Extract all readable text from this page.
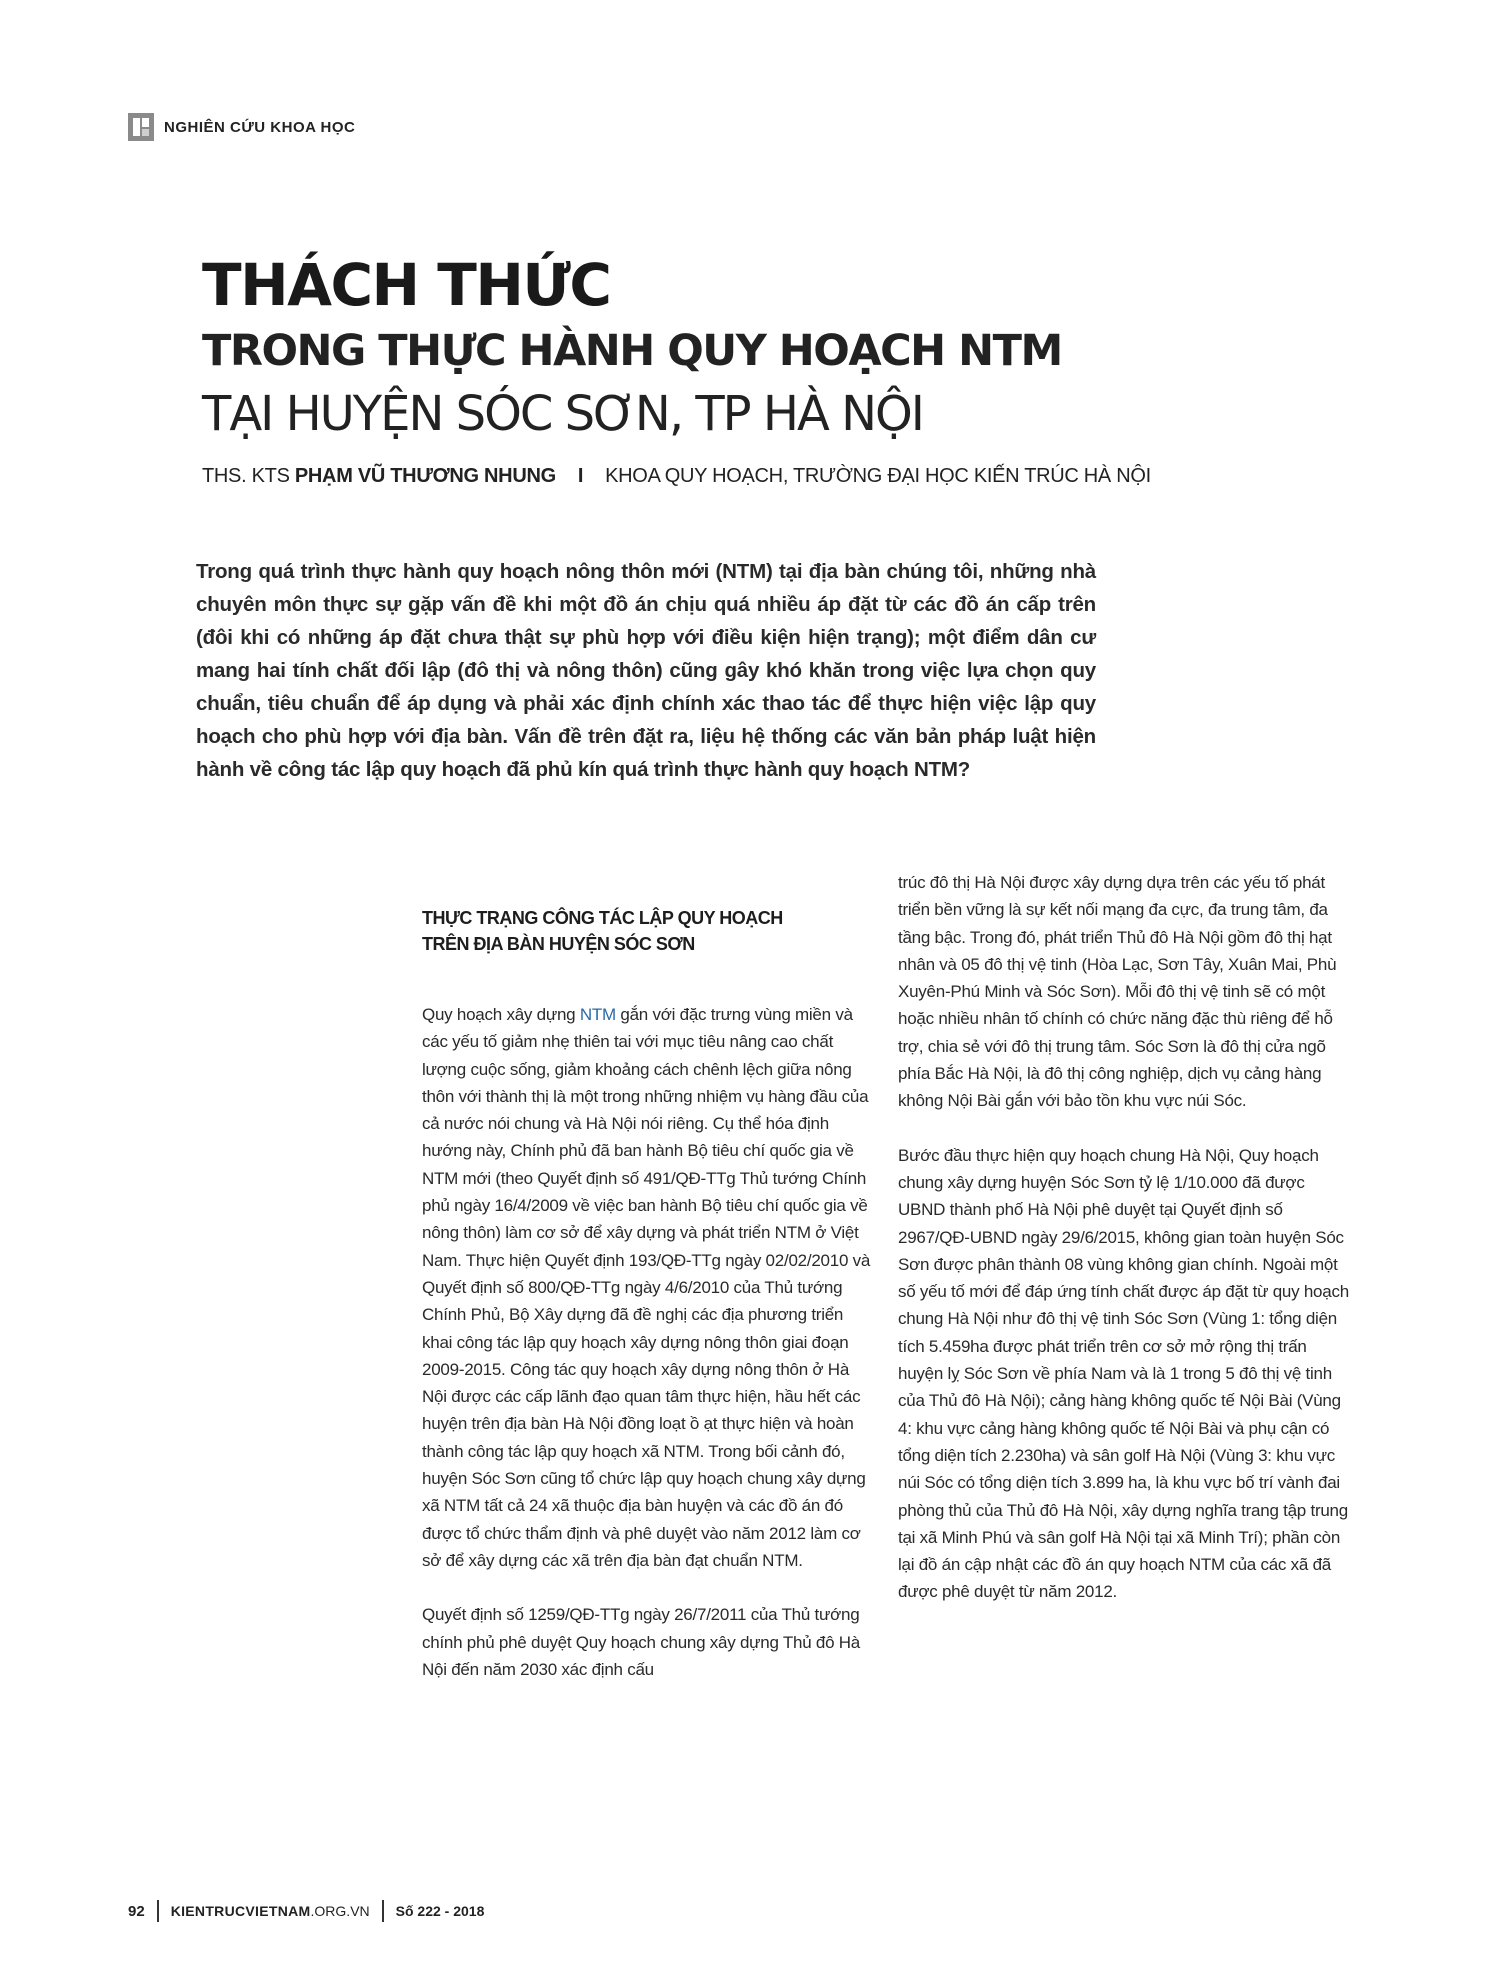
NGHIÊN CỨU KHOA HỌC
THÁCH THỨC
TRONG THỰC HÀNH QUY HOẠCH NTM
TẠI HUYỆN SÓC SƠN, TP HÀ NỘI
THS. KTS PHẠM VŨ THƯƠNG NHUNG I KHOA QUY HOẠCH, TRƯỜNG ĐẠI HỌC KIẾN TRÚC HÀ NỘI
Trong quá trình thực hành quy hoạch nông thôn mới (NTM) tại địa bàn chúng tôi, những nhà chuyên môn thực sự gặp vấn đề khi một đồ án chịu quá nhiều áp đặt từ các đồ án cấp trên (đôi khi có những áp đặt chưa thật sự phù hợp với điều kiện hiện trạng); một điểm dân cư mang hai tính chất đối lập (đô thị và nông thôn) cũng gây khó khăn trong việc lựa chọn quy chuẩn, tiêu chuẩn để áp dụng và phải xác định chính xác thao tác để thực hiện việc lập quy hoạch cho phù hợp với địa bàn. Vấn đề trên đặt ra, liệu hệ thống các văn bản pháp luật hiện hành về công tác lập quy hoạch đã phủ kín quá trình thực hành quy hoạch NTM?
THỰC TRẠNG CÔNG TÁC LẬP QUY HOẠCH
TRÊN ĐỊA BÀN HUYỆN SÓC SƠN

Quy hoạch xây dựng NTM gắn với đặc trưng vùng miền và các yếu tố giảm nhẹ thiên tai với mục tiêu nâng cao chất lượng cuộc sống, giảm khoảng cách chênh lệch giữa nông thôn với thành thị là một trong những nhiệm vụ hàng đầu của cả nước nói chung và Hà Nội nói riêng. Cụ thể hóa định hướng này, Chính phủ đã ban hành Bộ tiêu chí quốc gia về NTM mới (theo Quyết định số 491/QĐ-TTg Thủ tướng Chính phủ ngày 16/4/2009 về việc ban hành Bộ tiêu chí quốc gia về nông thôn) làm cơ sở để xây dựng và phát triển NTM ở Việt Nam. Thực hiện Quyết định 193/QĐ-TTg ngày 02/02/2010 và Quyết định số 800/QĐ-TTg ngày 4/6/2010 của Thủ tướng Chính Phủ, Bộ Xây dựng đã đề nghị các địa phương triển khai công tác lập quy hoạch xây dựng nông thôn giai đoạn 2009-2015. Công tác quy hoạch xây dựng nông thôn ở Hà Nội được các cấp lãnh đạo quan tâm thực hiện, hầu hết các huyện trên địa bàn Hà Nội đồng loạt ồ ạt thực hiện và hoàn thành công tác lập quy hoạch xã NTM. Trong bối cảnh đó, huyện Sóc Sơn cũng tổ chức lập quy hoạch chung xây dựng xã NTM tất cả 24 xã thuộc địa bàn huyện và các đồ án đó được tổ chức thẩm định và phê duyệt vào năm 2012 làm cơ sở để xây dựng các xã trên địa bàn đạt chuẩn NTM.

Quyết định số 1259/QĐ-TTg ngày 26/7/2011 của Thủ tướng chính phủ phê duyệt Quy hoạch chung xây dựng Thủ đô Hà Nội đến năm 2030 xác định cấu

trúc đô thị Hà Nội được xây dựng dựa trên các yếu tố phát triển bền vững là sự kết nối mạng đa cực, đa trung tâm, đa tầng bậc. Trong đó, phát triển Thủ đô Hà Nội gồm đô thị hạt nhân và 05 đô thị vệ tinh (Hòa Lạc, Sơn Tây, Xuân Mai, Phù Xuyên-Phú Minh và Sóc Sơn). Mỗi đô thị vệ tinh sẽ có một hoặc nhiều nhân tố chính có chức năng đặc thù riêng để hỗ trợ, chia sẻ với đô thị trung tâm. Sóc Sơn là đô thị cửa ngõ phía Bắc Hà Nội, là đô thị công nghiệp, dịch vụ cảng hàng không Nội Bài gắn với bảo tồn khu vực núi Sóc.

Bước đầu thực hiện quy hoạch chung Hà Nội, Quy hoạch chung xây dựng huyện Sóc Sơn tỷ lệ 1/10.000 đã được UBND thành phố Hà Nội phê duyệt tại Quyết định số 2967/QĐ-UBND ngày 29/6/2015, không gian toàn huyện Sóc Sơn được phân thành 08 vùng không gian chính. Ngoài một số yếu tố mới để đáp ứng tính chất được áp đặt từ quy hoạch chung Hà Nội như đô thị vệ tinh Sóc Sơn (Vùng 1: tổng diện tích 5.459ha được phát triển trên cơ sở mở rộng thị trấn huyện lỵ Sóc Sơn về phía Nam và là 1 trong 5 đô thị vệ tinh của Thủ đô Hà Nội); cảng hàng không quốc tế Nội Bài (Vùng 4: khu vực cảng hàng không quốc tế Nội Bài và phụ cận có tổng diện tích 2.230ha) và sân golf Hà Nội (Vùng 3: khu vực núi Sóc có tổng diện tích 3.899 ha, là khu vực bố trí vành đai phòng thủ của Thủ đô Hà Nội, xây dựng nghĩa trang tập trung tại xã Minh Phú và sân golf Hà Nội tại xã Minh Trí); phần còn lại đồ án cập nhật các đồ án quy hoạch NTM của các xã đã được phê duyệt từ năm 2012.

92 KIENTRUCVIETNAM .ORG.VN Số 222 - 2018
